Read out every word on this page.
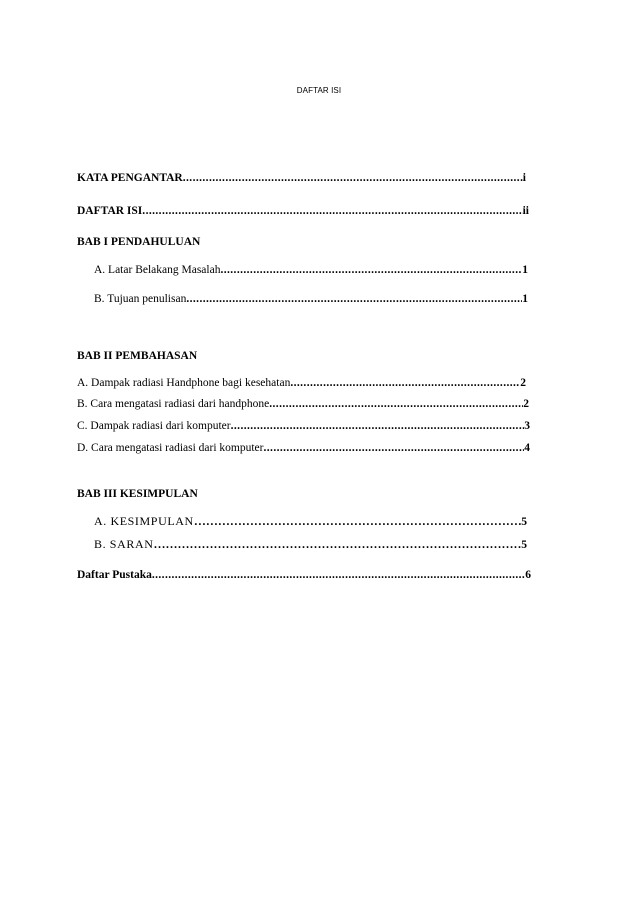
DAFTAR ISI
KATA PENGANTAR .....	i
DAFTAR ISI .....	ii
BAB I PENDAHULUAN
A. Latar Belakang Masalah .....	1
B. Tujuan penulisan .....	1
BAB II PEMBAHASAN
A. Dampak radiasi Handphone bagi kesehatan .....	2
B. Cara mengatasi radiasi dari handphone .....	2
C. Dampak radiasi dari komputer .....	3
D. Cara mengatasi radiasi dari komputer .....	4
BAB III KESIMPULAN
A. KESIMPULAN ………………………………………………………………………………………………………………………………………………………………………………………	5
B. SARAN ………………………………………………………………………………………………………………………………………………………………………………………	5
Daftar Pustaka .....	6
